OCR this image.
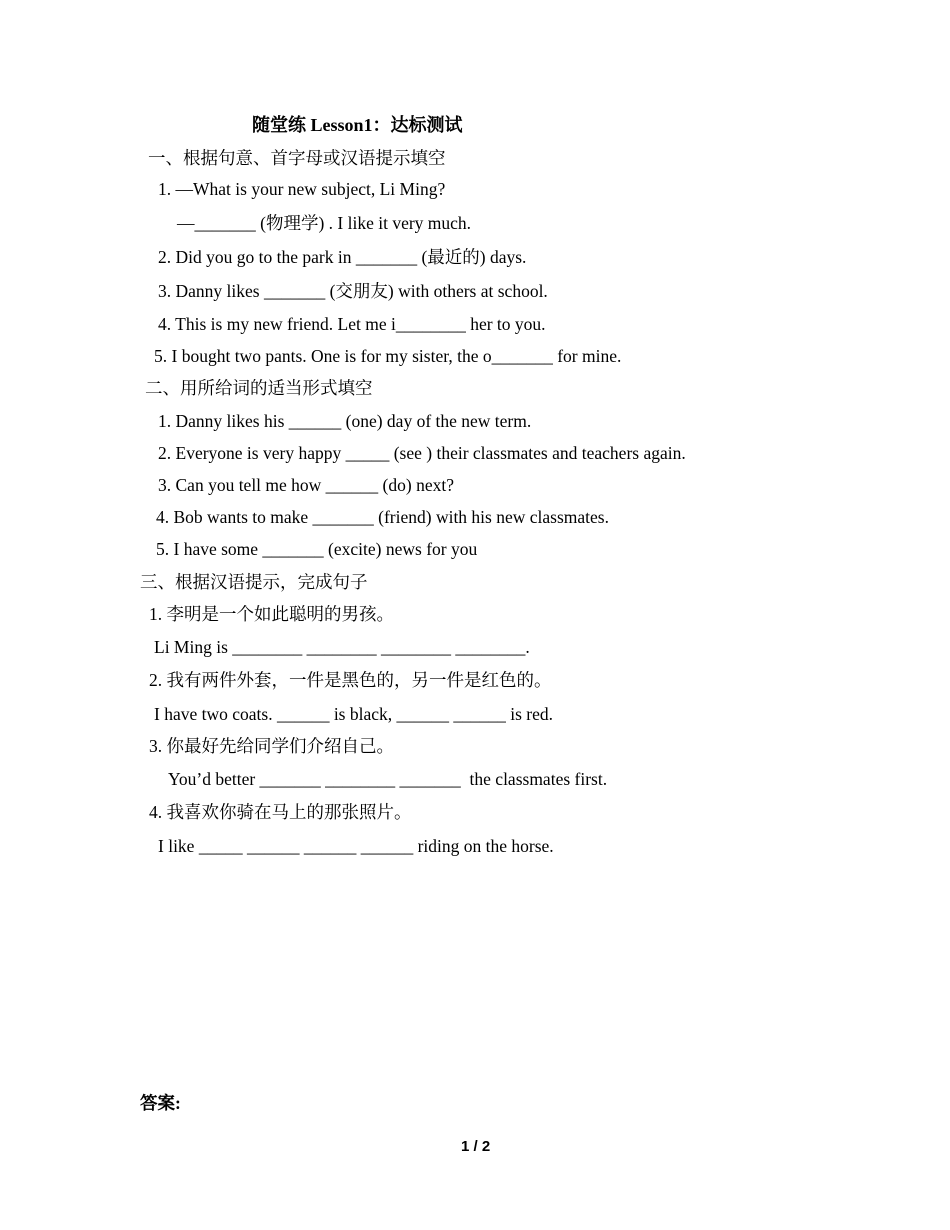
随堂练 Lesson1：达标测试
一、根据句意、首字母或汉语提示填空
1. —What is your new subject, Li Ming?
—_______ (物理学) . I like it very much.
2. Did you go to the park in _______ (最近的) days.
3. Danny likes _______ (交朋友) with others at school.
4. This is my new friend. Let me i________ her to you.
5. I bought two pants. One is for my sister, the o_______ for mine.
二、用所给词的适当形式填空
1. Danny likes his ______ (one) day of the new term.
2. Everyone is very happy _____ (see ) their classmates and teachers again.
3. Can you tell me how ______ (do) next?
4. Bob wants to make _______ (friend) with his new classmates.
5. I have some _______ (excite) news for you
三、根据汉语提示，完成句子
1. 李明是一个如此聪明的男孩。
Li Ming is ________ ________ ________ ________.
2. 我有两件外套，一件是黑色的，另一件是红色的。
I have two coats. ______ is black, ______ ______ is red.
3. 你最好先给同学们介绍自己。
You’d better _______ ________ _______  the classmates first.
4. 我喜欢你骑在马上的那张照片。
I like _____ ______ ______ ______ riding on the horse.
答案:
1 / 2
